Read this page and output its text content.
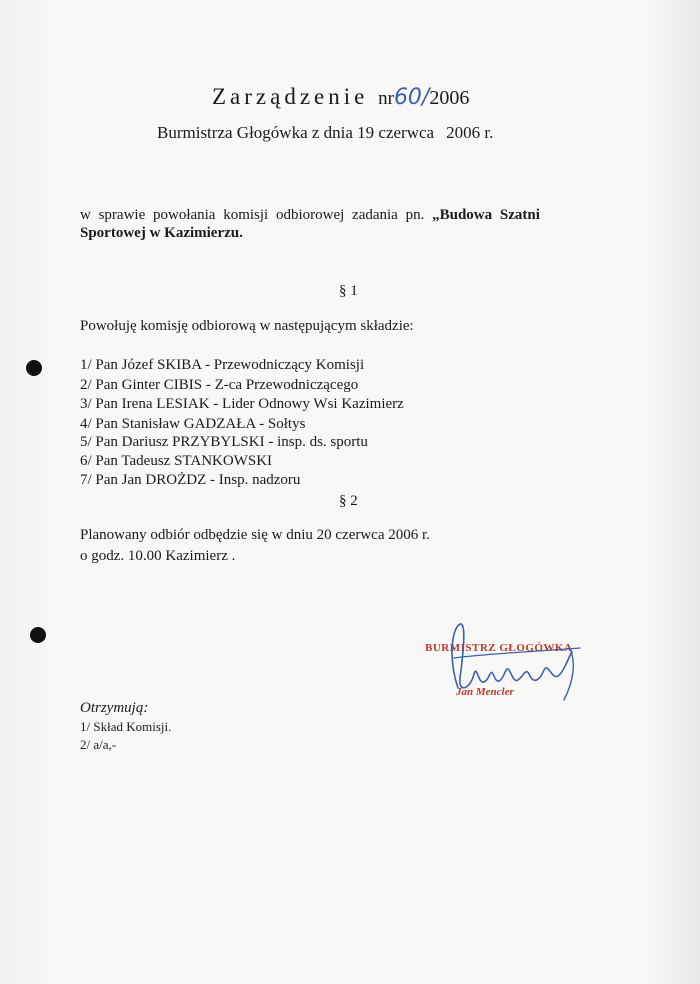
Zarządzenie nr60/2006
Burmistrza Głogówka z dnia 19 czerwca 2006 r.
w sprawie powołania komisji odbiorowej zadania pn. „Budowa Szatni
Sportowej w Kazimierzu.
§ 1
Powołuję komisję odbiorową w następującym składzie:
1/ Pan Józef SKIBA - Przewodniczący Komisji
2/ Pan Ginter CIBIS - Z-ca Przewodniczącego
3/ Pan Irena LESIAK - Lider Odnowy Wsi Kazimierz
4/ Pan Stanisław GADZAŁA - Sołtys
5/ Pan Dariusz PRZYBYLSKI - insp. ds. sportu
6/ Pan Tadeusz STANKOWSKI
7/ Pan Jan DROŻDZ - Insp. nadzoru
§ 2
Planowany odbiór odbędzie się w dniu 20 czerwca 2006 r.
o godz. 10.00 Kazimierz .
BURMISTRZ GŁOGÓWKA
Jan Mencler
Otrzymują:
1/ Skład Komisji.
2/ a/a,-
